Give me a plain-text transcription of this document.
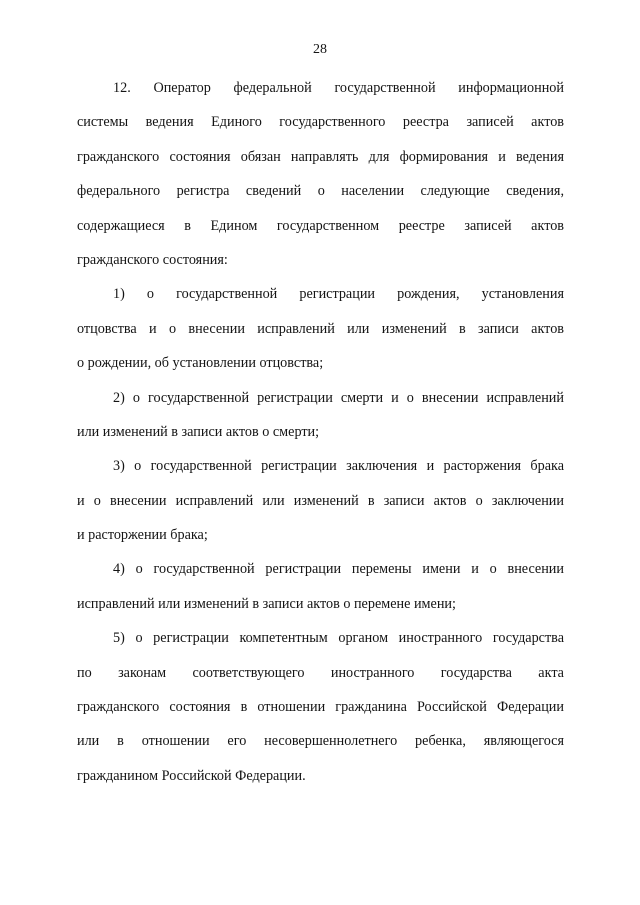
28
12. Оператор федеральной государственной информационной
системы ведения Единого государственного реестра записей актов
гражданского состояния обязан направлять для формирования и ведения
федерального регистра сведений о населении следующие сведения,
содержащиеся в Едином государственном реестре записей актов
гражданского состояния:
1) о государственной регистрации рождения, установления
отцовства и о внесении исправлений или изменений в записи актов
о рождении, об установлении отцовства;
2) о государственной регистрации смерти и о внесении исправлений
или изменений в записи актов о смерти;
3) о государственной регистрации заключения и расторжения брака
и о внесении исправлений или изменений в записи актов о заключении
и расторжении брака;
4) о государственной регистрации перемены имени и о внесении
исправлений или изменений в записи актов о перемене имени;
5) о регистрации компетентным органом иностранного государства
по законам соответствующего иностранного государства акта
гражданского состояния в отношении гражданина Российской Федерации
или в отношении его несовершеннолетнего ребенка, являющегося
гражданином Российской Федерации.
